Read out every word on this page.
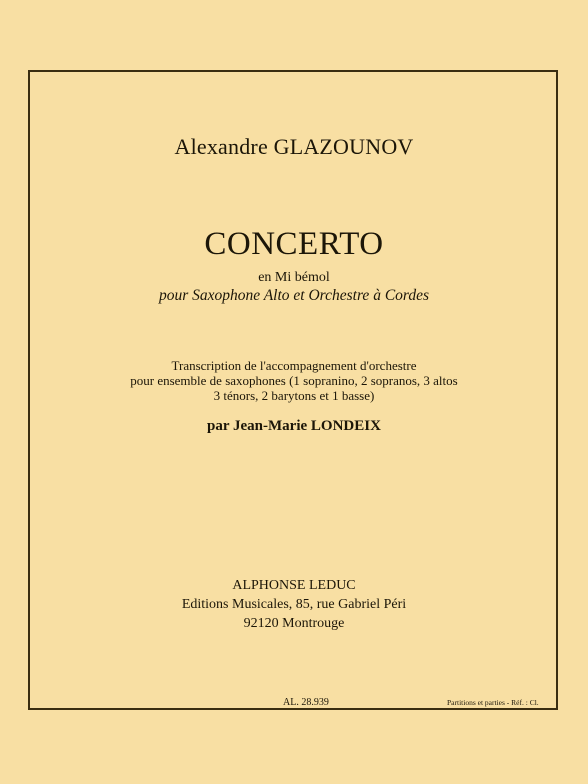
Alexandre GLAZOUNOV
CONCERTO
en Mi bémol
pour Saxophone Alto et Orchestre à Cordes
Transcription de l'accompagnement d'orchestre
pour ensemble de saxophones (1 sopranino, 2 sopranos, 3 altos
3 ténors, 2 barytons et 1 basse)
par Jean-Marie LONDEIX
ALPHONSE LEDUC
Editions Musicales, 85, rue Gabriel Péri
92120 Montrouge
AL. 28.939	Partitions et parties - Réf. : Cl.
